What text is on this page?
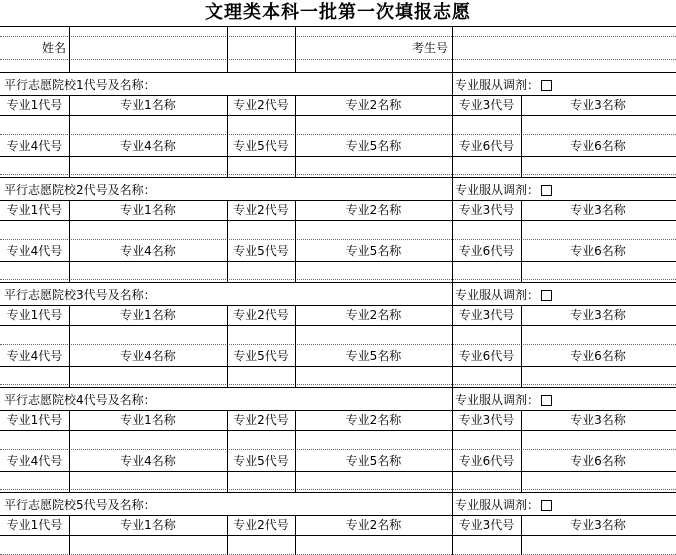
文理类本科一批第一次填报志愿
姓名	考生号
平行志愿院校1代号及名称：	专业服从调剂：
专业1代号	专业1名称	专业2代号	专业2名称	专业3代号	专业3名称
专业4代号	专业4名称	专业5代号	专业5名称	专业6代号	专业6名称
平行志愿院校2代号及名称：	专业服从调剂：
专业1代号	专业1名称	专业2代号	专业2名称	专业3代号	专业3名称
专业4代号	专业4名称	专业5代号	专业5名称	专业6代号	专业6名称
平行志愿院校3代号及名称：	专业服从调剂：
专业1代号	专业1名称	专业2代号	专业2名称	专业3代号	专业3名称
专业4代号	专业4名称	专业5代号	专业5名称	专业6代号	专业6名称
平行志愿院校4代号及名称：	专业服从调剂：
专业1代号	专业1名称	专业2代号	专业2名称	专业3代号	专业3名称
专业4代号	专业4名称	专业5代号	专业5名称	专业6代号	专业6名称
平行志愿院校5代号及名称：	专业服从调剂：
专业1代号	专业1名称	专业2代号	专业2名称	专业3代号	专业3名称
